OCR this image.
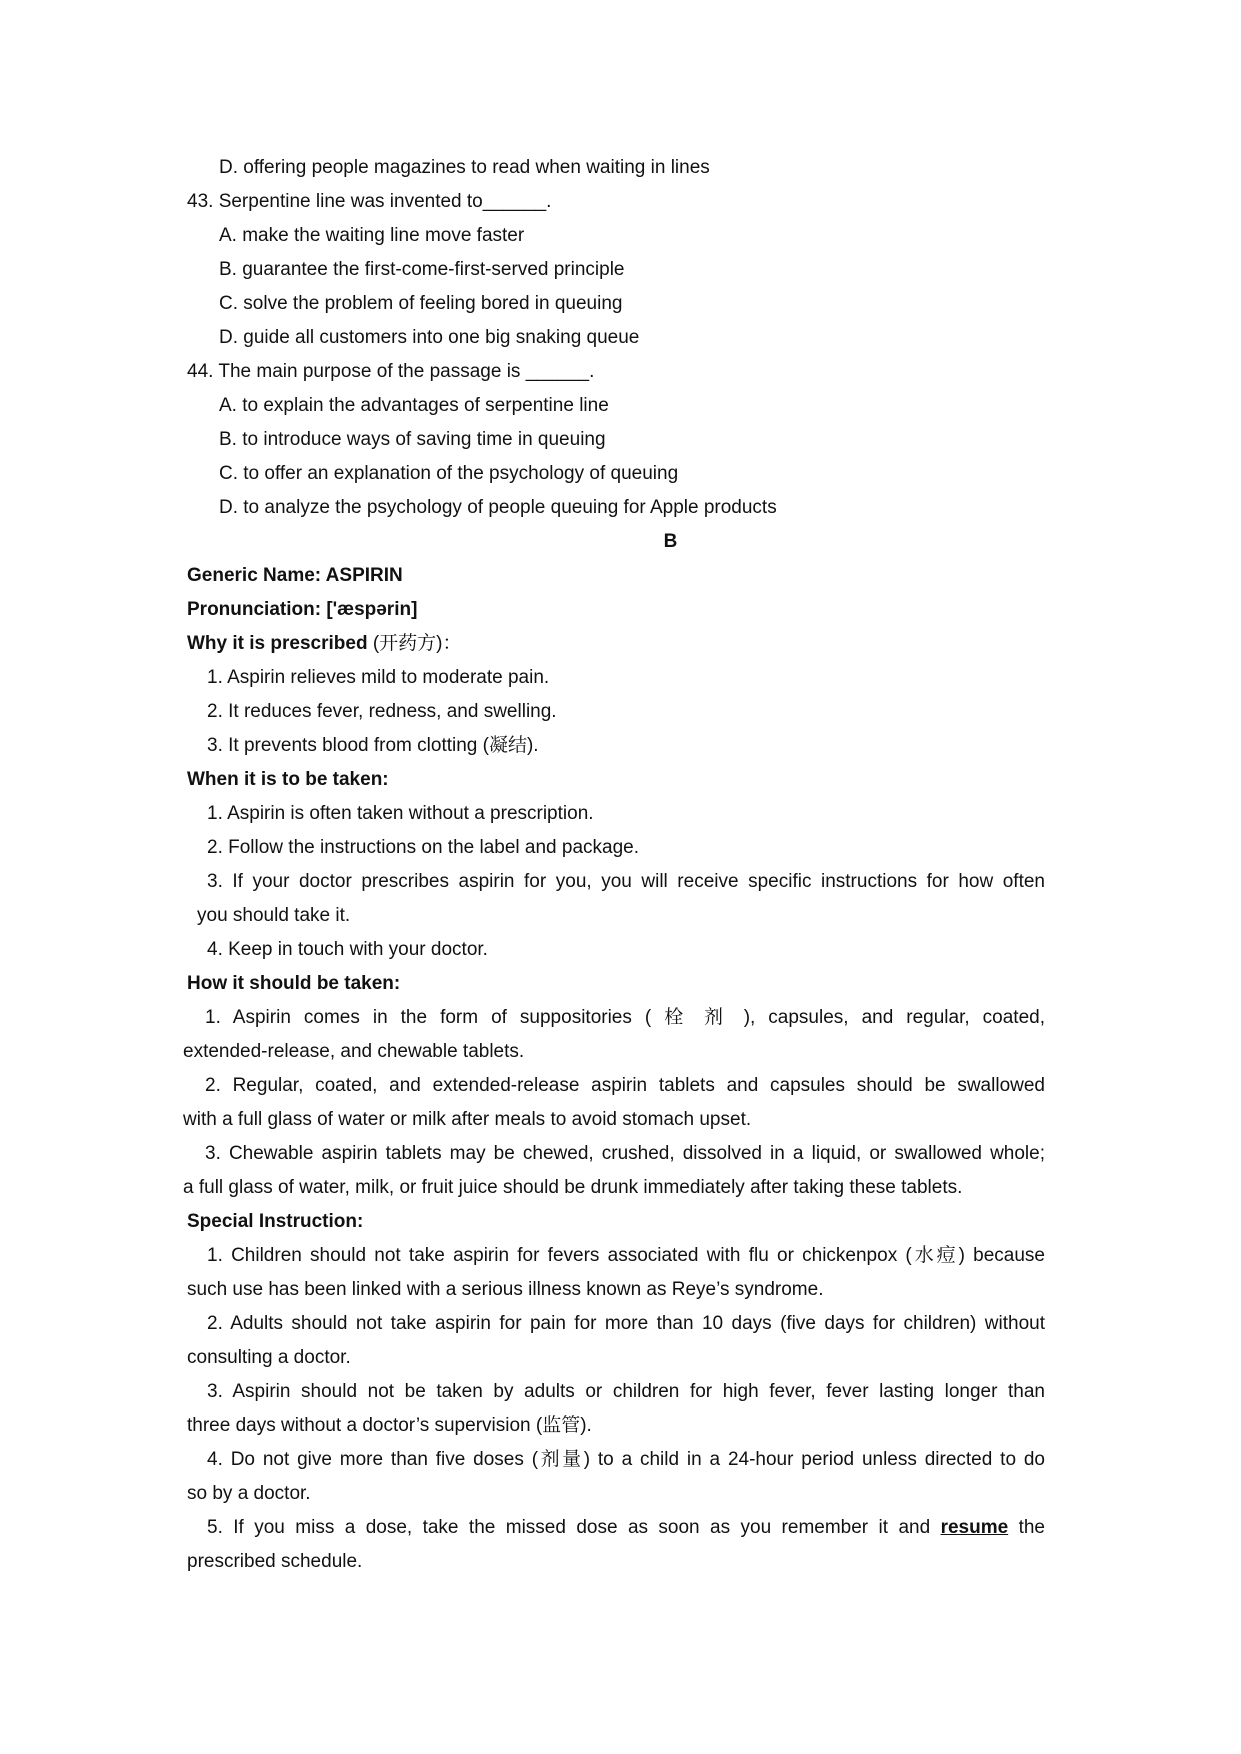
D. offering people magazines to read when waiting in lines
43. Serpentine line was invented to______.
A. make the waiting line move faster
B. guarantee the first-come-first-served principle
C. solve the problem of feeling bored in queuing
D. guide all customers into one big snaking queue
44. The main purpose of the passage is ______.
A. to explain the advantages of serpentine line
B. to introduce ways of saving time in queuing
C. to offer an explanation of the psychology of queuing
D. to analyze the psychology of people queuing for Apple products
B
Generic Name: ASPIRIN
Pronunciation: ['æspərin]
Why it is prescribed (开药方)：
1. Aspirin relieves mild to moderate pain.
2. It reduces fever, redness, and swelling.
3. It prevents blood from clotting (凝结).
When it is to be taken:
1. Aspirin is often taken without a prescription.
2. Follow the instructions on the label and package.
3. If your doctor prescribes aspirin for you, you will receive specific instructions for how often
you should take it.
4. Keep in touch with your doctor.
How it should be taken:
1. Aspirin comes in the form of suppositories ( 栓 剂 ), capsules, and regular, coated,
extended-release, and chewable tablets.
2. Regular, coated, and extended-release aspirin tablets and capsules should be swallowed
with a full glass of water or milk after meals to avoid stomach upset.
3. Chewable aspirin tablets may be chewed, crushed, dissolved in a liquid, or swallowed whole;
a full glass of water, milk, or fruit juice should be drunk immediately after taking these tablets.
Special Instruction:
1. Children should not take aspirin for fevers associated with flu or chickenpox (水痘) because
such use has been linked with a serious illness known as Reye’s syndrome.
2. Adults should not take aspirin for pain for more than 10 days (five days for children) without
consulting a doctor.
3. Aspirin should not be taken by adults or children for high fever, fever lasting longer than
three days without a doctor’s supervision (监管).
4. Do not give more than five doses (剂量) to a child in a 24-hour period unless directed to do
so by a doctor.
5. If you miss a dose, take the missed dose as soon as you remember it and resume the
prescribed schedule.
